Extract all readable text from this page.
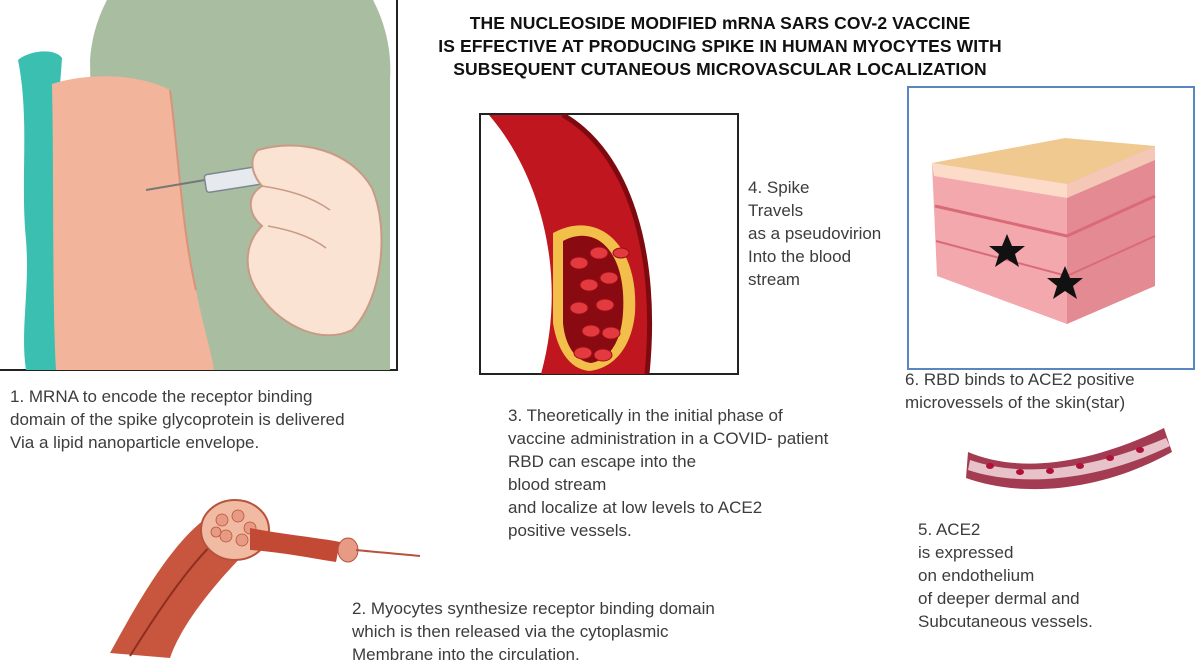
THE NUCLEOSIDE MODIFIED mRNA SARS COV-2 VACCINE
IS EFFECTIVE AT PRODUCING SPIKE IN HUMAN MYOCYTES WITH
SUBSEQUENT CUTANEOUS MICROVASCULAR LOCALIZATION
1. MRNA to encode the receptor binding
domain of the spike glycoprotein is delivered
Via a lipid nanoparticle envelope.
2. Myocytes synthesize receptor binding domain
which is then released via the cytoplasmic
Membrane into the circulation.
3. Theoretically in the initial phase of
vaccine administration in a COVID- patient
RBD can escape into the
blood stream
and localize at low levels to ACE2
positive vessels.
4. Spike
Travels
as a pseudovirion
Into the blood
stream
6. RBD binds to ACE2 positive
microvessels of the skin(star)
5. ACE2
is expressed
on endothelium
of deeper dermal and
Subcutaneous vessels.
